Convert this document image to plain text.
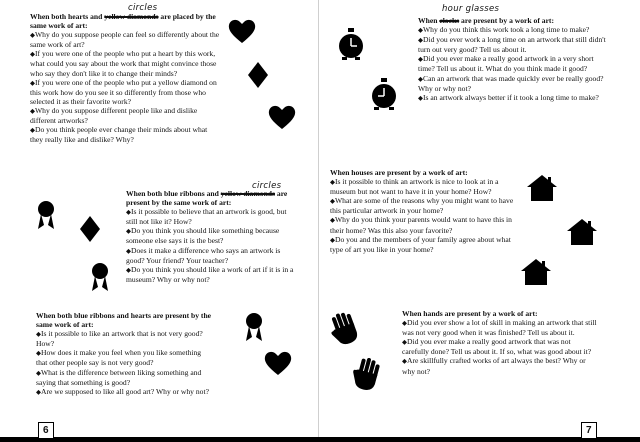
When both hearts and yellow diamonds are placed by the same work of art:

◆ Why do you suppose people can feel so differently about the same work of art?

◆ If you were one of the people who put a heart by this work, what could you say about the work that might convince those who say they don't like it to change their minds?

◆ If you were one of the people who put a yellow diamond on this work how do you see it so differently from those who selected it as their favorite work?

◆ Why do you suppose different people like and dislike different artworks?

◆ Do you think people ever change their minds about what they really like and dislike? Why?

circles
When both blue ribbons and yellow diamonds are present by the same work of art:

◆ Is it possible to believe that an artwork is good, but still not like it? How?

◆ Do you think you should like something because someone else says it is the best?

◆ Does it make a difference who says an artwork is good? Your friend? Your teacher?

◆ Do you think you should like a work of art if it is in a museum? Why or why not?

circles
When both blue ribbons and hearts are present by the same work of art:

◆ Is it possible to like an artwork that is not very good? How?

◆ How does it make you feel when you like something that other people say is not very good?

◆ What is the difference between liking something and saying that something is good?

◆ Are we supposed to like all good art? Why or why not?

6
When clocks are present by a work of art:

◆ Why do you think this work took a long time to make?

◆ Did you ever work a long time on an artwork that still didn't turn out very good? Tell us about it.

◆ Did you ever make a really good artwork in a very short time? Tell us about it. What do you think made it good?

◆ Can an artwork that was made quickly ever be really good? Why or why not?

◆ Is an artwork always better if it took a long time to make?

hour glasses
When houses are present by a work of art:

◆ Is it possible to think an artwork is nice to look at in a museum but not want to have it in your home? How?

◆ What are some of the reasons why you might want to have this particular artwork in your home?

◆ Why do you think your parents would want to have this in their home? Was this also your favorite?

◆ Do you and the members of your family agree about what type of art you like in your home?

When hands are present by a work of art:

◆ Did you ever show a lot of skill in making an artwork that still was not very good when it was finished? Tell us about it.

◆ Did you ever make a really good artwork that was not carefully done? Tell us about it. If so, what was good about it?

◆ Are skillfully crafted works of art always the best? Why or why not?

7
